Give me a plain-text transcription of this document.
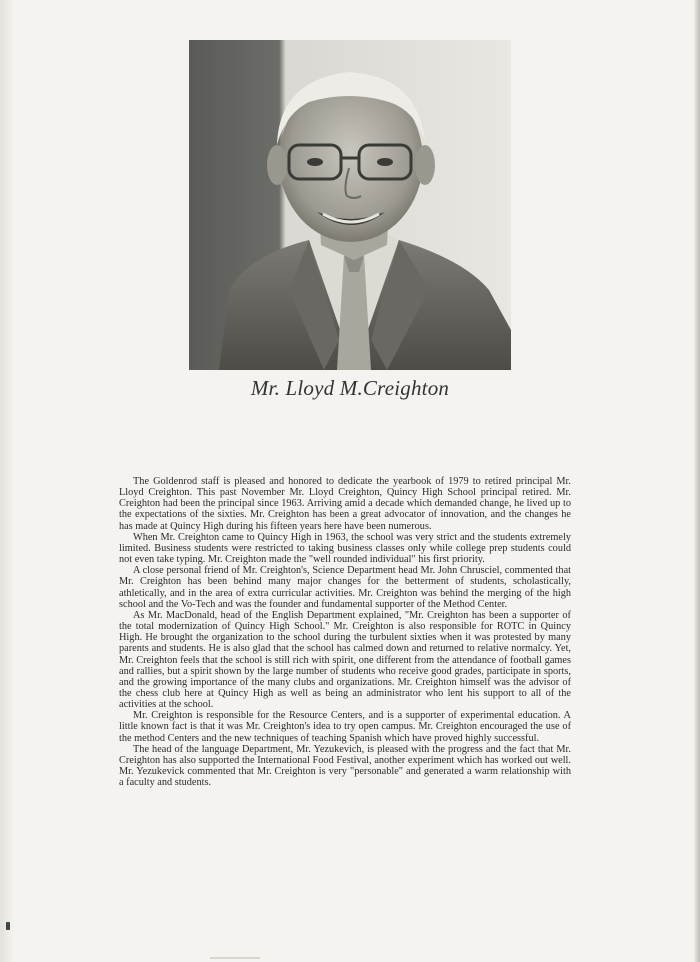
Mr. Lloyd M.Creighton

The Goldenrod staff is pleased and honored to dedicate the yearbook of 1979 to retired principal Mr. Lloyd Creighton. This past November Mr. Lloyd Creighton, Quincy High School principal retired. Mr. Creighton had been the principal since 1963. Arriving amid a decade which demanded change, he lived up to the expectations of the sixties. Mr. Creighton has been a great advocator of innovation, and the changes he has made at Quincy High during his fifteen years here have been numerous.

When Mr. Creighton came to Quincy High in 1963, the school was very strict and the students extremely limited. Business students were restricted to taking business classes only while college prep students could not even take typing. Mr. Creighton made the "well rounded individual" his first priority.

A close personal friend of Mr. Creighton's, Science Department head Mr. John Chrusciel, commented that Mr. Creighton has been behind many major changes for the betterment of students, scholastically, athletically, and in the area of extra curricular activities. Mr. Creighton was behind the merging of the high school and the Vo-Tech and was the founder and fundamental supporter of the Method Center.

As Mr. MacDonald, head of the English Department explained, "Mr. Creighton has been a supporter of the total modernization of Quincy High School." Mr. Creighton is also responsible for ROTC in Quincy High. He brought the organization to the school during the turbulent sixties when it was protested by many parents and students. He is also glad that the school has calmed down and returned to relative normalcy. Yet, Mr. Creighton feels that the school is still rich with spirit, one different from the attendance of football games and rallies, but a spirit shown by the large number of students who receive good grades, participate in sports, and the growing importance of the many clubs and organizations. Mr. Creighton himself was the advisor of the chess club here at Quincy High as well as being an administrator who lent his support to all of the activities at the school.

Mr. Creighton is responsible for the Resource Centers, and is a supporter of experimental education. A little known fact is that it was Mr. Creighton's idea to try open campus. Mr. Creighton encouraged the use of the method Centers and the new techniques of teaching Spanish which have proved highly successful.

The head of the language Department, Mr. Yezukevich, is pleased with the progress and the fact that Mr. Creighton has also supported the International Food Festival, another experiment which has worked out well. Mr. Yezukevick commented that Mr. Creighton is very "personable" and generated a warm relationship with a faculty and students.
